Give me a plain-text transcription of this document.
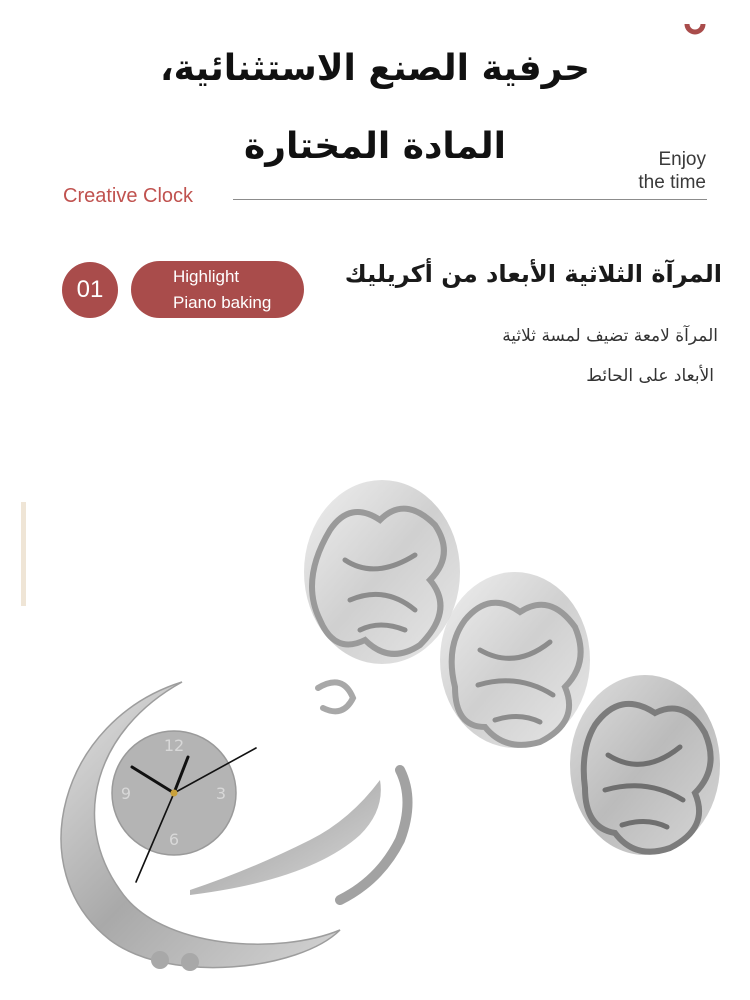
حرفية الصنع الاستثنائية،
المادة المختارة	Enjoy
the time
Creative Clock
01	Highlight
Piano baking
المرآة الثلاثية الأبعاد من أكريليك
المرآة لامعة تضيف لمسة ثلاثية
الأبعاد على الحائط
12
3
6
9
